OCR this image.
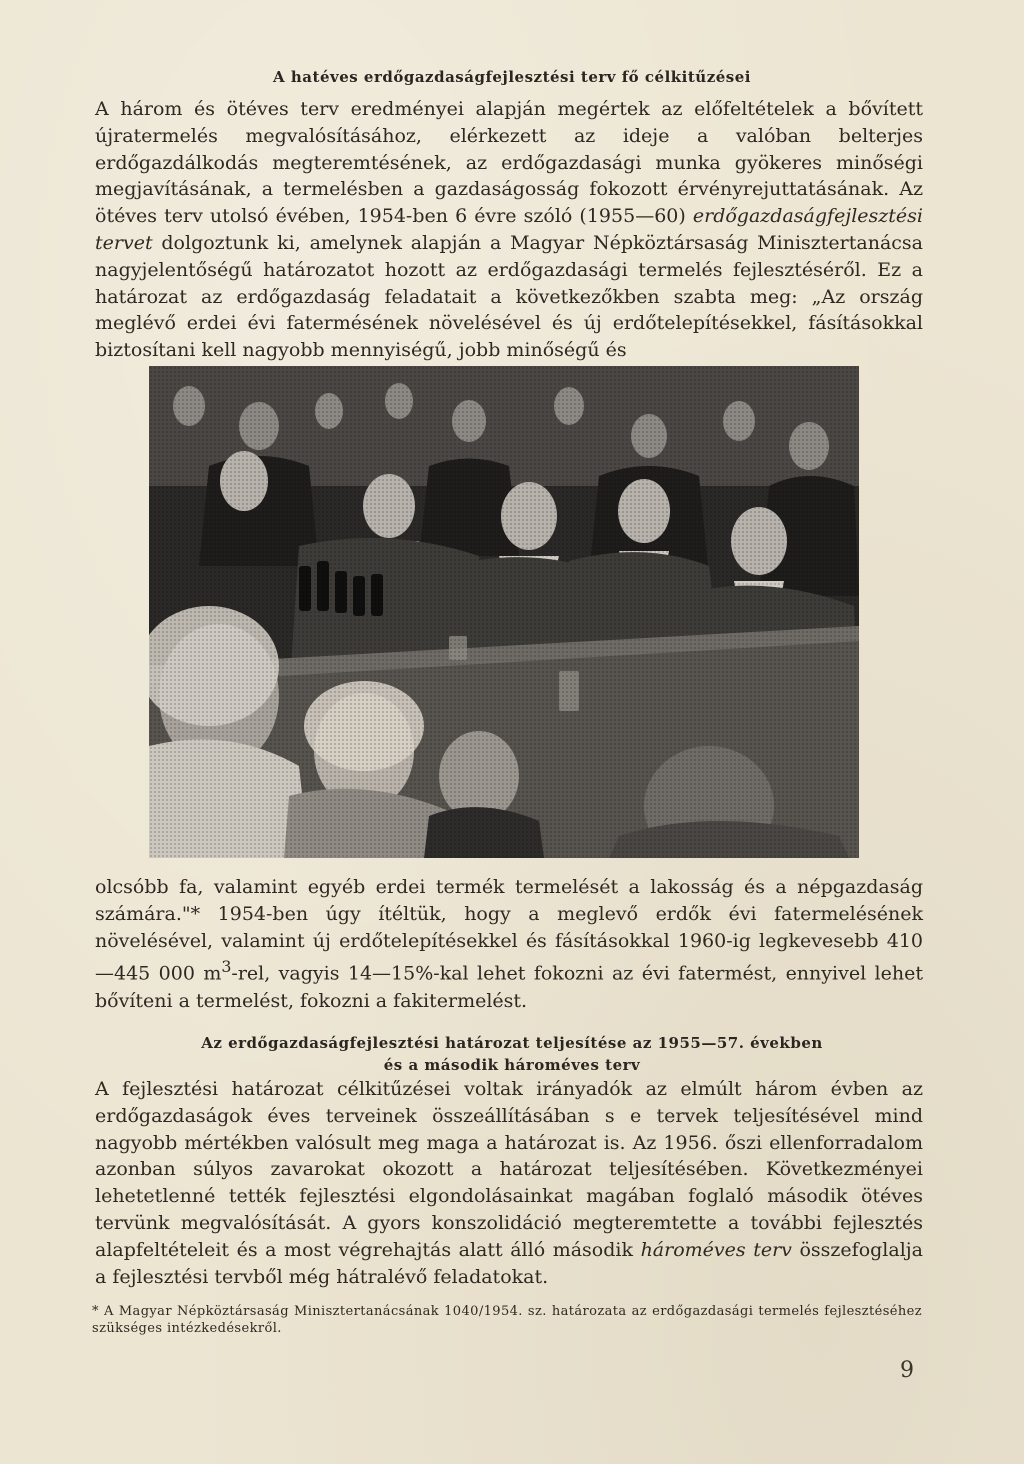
A hatéves erdőgazdaságfejlesztési terv fő célkitűzései
A három és ötéves terv eredményei alapján megértek az előfeltételek a bővített újratermelés megvalósításához, elérkezett az ideje a valóban belterjes erdőgazdálkodás megteremtésének, az erdőgazdasági munka gyökeres minőségi megjavításának, a termelésben a gazdaságosság fokozott érvényrejuttatásának. Az ötéves terv utolsó évében, 1954-ben 6 évre szóló (1955—60) erdőgazdaságfejlesztési tervet dolgoztunk ki, amelynek alapján a Magyar Népköztársaság Minisztertanácsa nagyjelentőségű határozatot hozott az erdőgazdasági termelés fejlesztéséről. Ez a határozat az erdőgazdaság feladatait a következőkben szabta meg: „Az ország meglévő erdei évi fatermésének növelésével és új erdőtelepítésekkel, fásításokkal biztosítani kell nagyobb mennyiségű, jobb minőségű és
olcsóbb fa, valamint egyéb erdei termék termelését a lakosság és a népgazdaság számára."* 1954-ben úgy ítéltük, hogy a meglevő erdők évi fatermelésének növelésével, valamint új erdőtelepítésekkel és fásításokkal 1960-ig legkevesebb 410—445 000 $m^3$-rel, vagyis 14—15%-kal lehet fokozni az évi fatermést, ennyivel lehet bővíteni a termelést, fokozni a fakitermelést.
Az erdőgazdaságfejlesztési határozat teljesítése az 1955—57. években
és a második hároméves terv
A fejlesztési határozat célkitűzései voltak irányadók az elmúlt három évben az erdőgazdaságok éves terveinek összeállításában s e tervek teljesítésével mind nagyobb mértékben valósult meg maga a határozat is. Az 1956. őszi ellenforradalom azonban súlyos zavarokat okozott a határozat teljesítésében. Következményei lehetetlenné tették fejlesztési elgondolásainkat magában foglaló második ötéves tervünk megvalósítását. A gyors konszolidáció megteremtette a további fejlesztés alapfeltételeit és a most végrehajtás alatt álló második hároméves terv összefoglalja a fejlesztési tervből még hátralévő feladatokat.
* A Magyar Népköztársaság Minisztertanácsának 1040/1954. sz. határozata az erdőgazdasági termelés fejlesztéséhez szükséges intézkedésekről.
9
